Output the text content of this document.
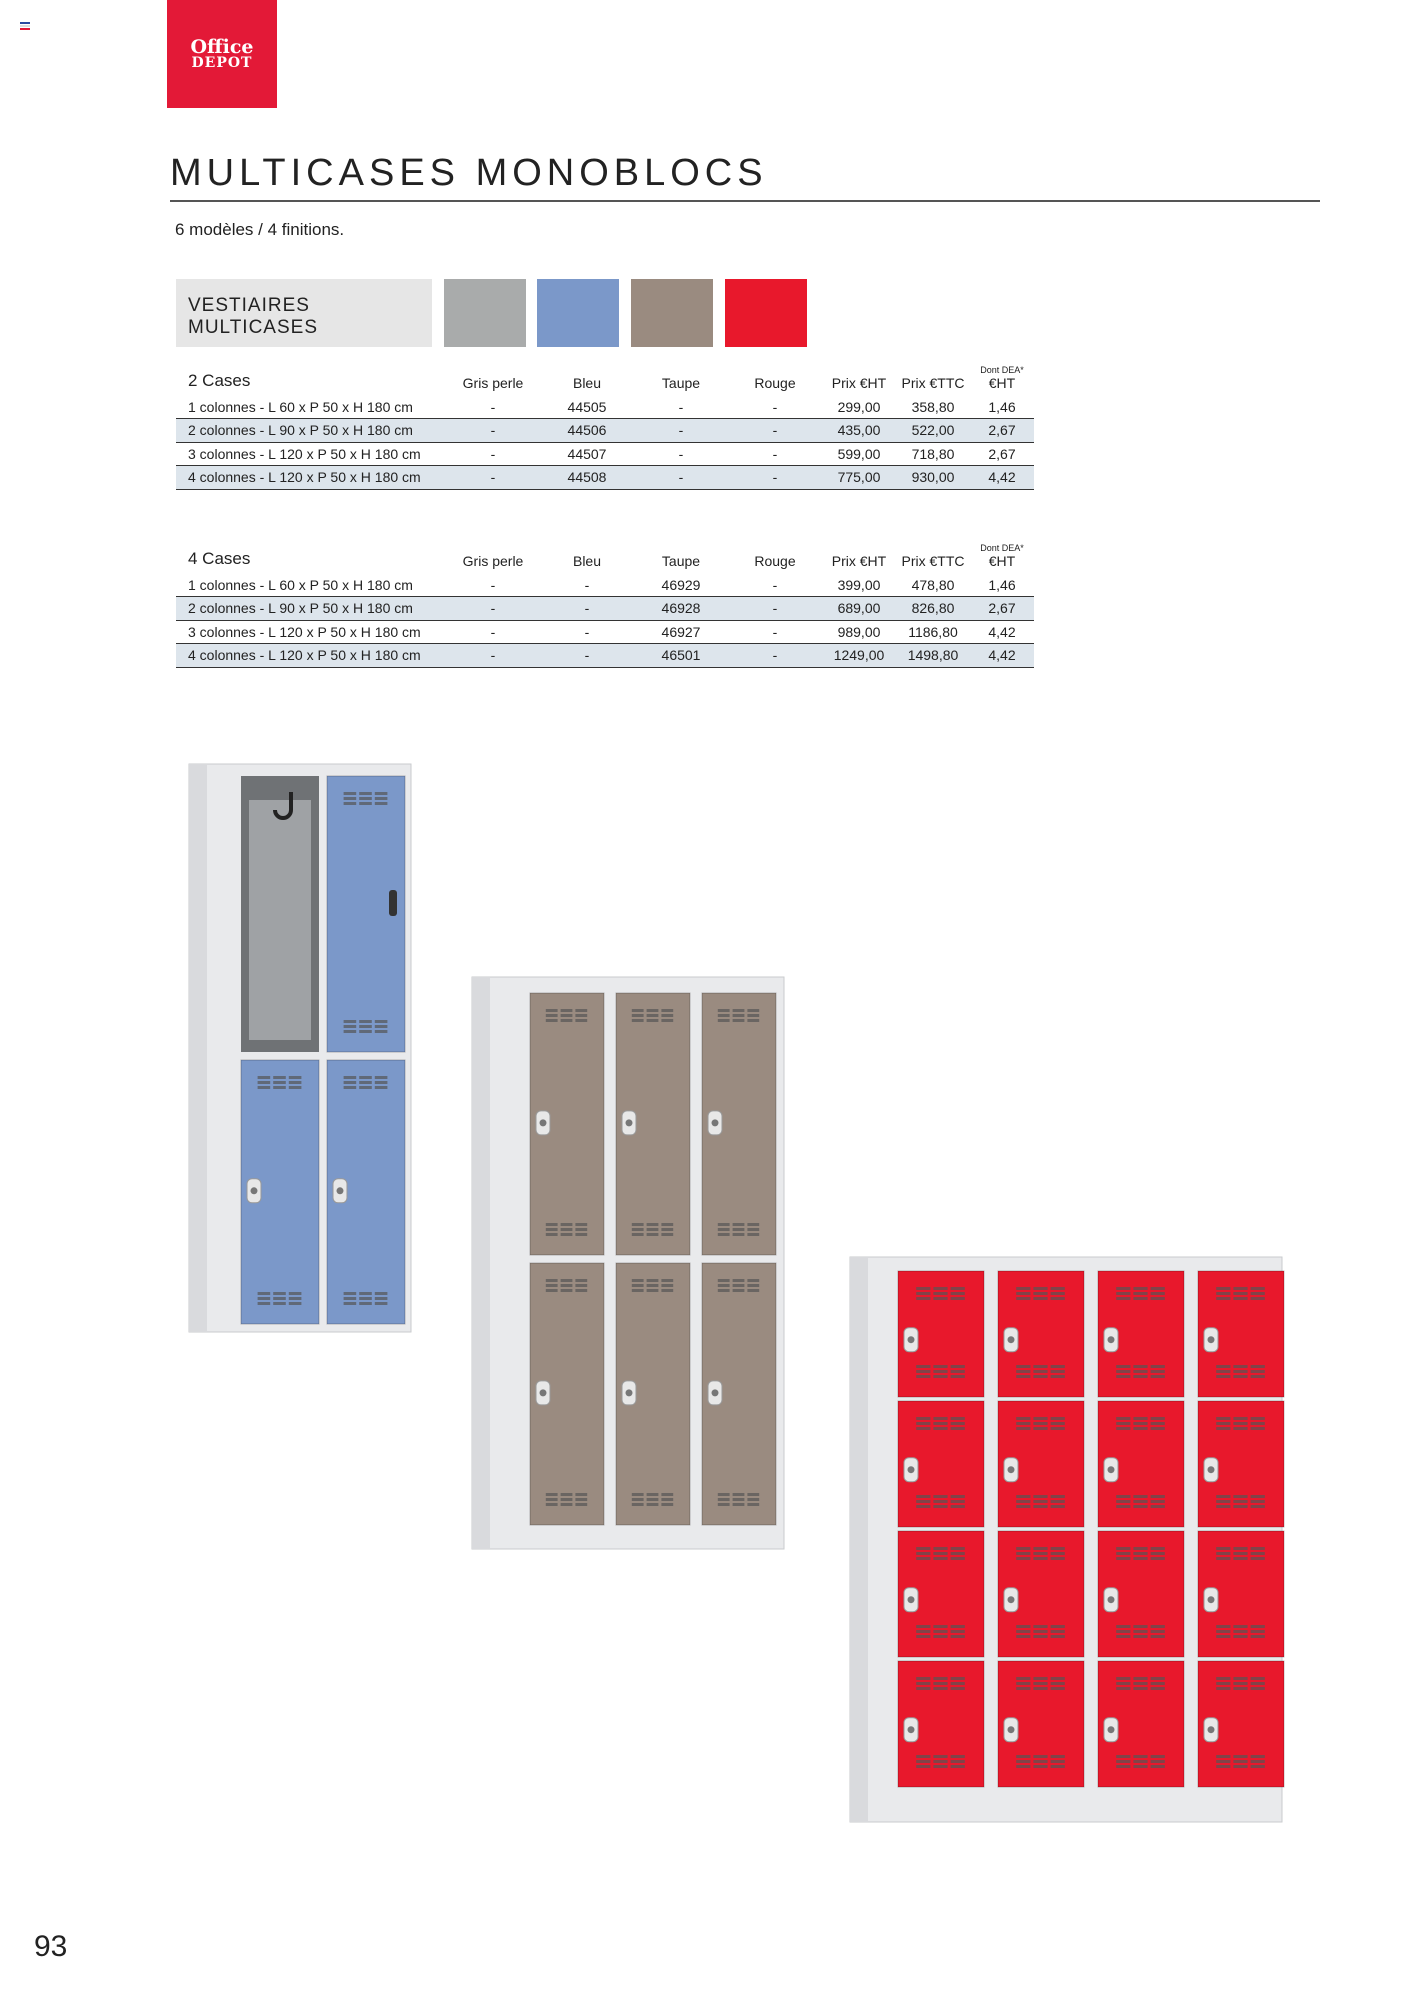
Office
DEPOT
MULTICASES MONOBLOCS
6 modèles / 4 finitions.
VESTIAIRES
MULTICASES
2 Cases	Gris perle	Bleu	Taupe	Rouge	Prix €HT	Prix €TTC	Dont DEA*
€HT
1 colonnes - L 60 x P 50 x H 180 cm	-	44505	-	-	299,00	358,80	1,46
2 colonnes - L 90 x P 50 x H 180 cm	-	44506	-	-	435,00	522,00	2,67
3 colonnes - L 120 x P 50 x H 180 cm	-	44507	-	-	599,00	718,80	2,67
4 colonnes - L 120 x P 50 x H 180 cm	-	44508	-	-	775,00	930,00	4,42
4 Cases	Gris perle	Bleu	Taupe	Rouge	Prix €HT	Prix €TTC	Dont DEA*
€HT
1 colonnes - L 60 x P 50 x H 180 cm	-	-	46929	-	399,00	478,80	1,46
2 colonnes - L 90 x P 50 x H 180 cm	-	-	46928	-	689,00	826,80	2,67
3 colonnes - L 120 x P 50 x H 180 cm	-	-	46927	-	989,00	1186,80	4,42
4 colonnes - L 120 x P 50 x H 180 cm	-	-	46501	-	1249,00	1498,80	4,42
93
